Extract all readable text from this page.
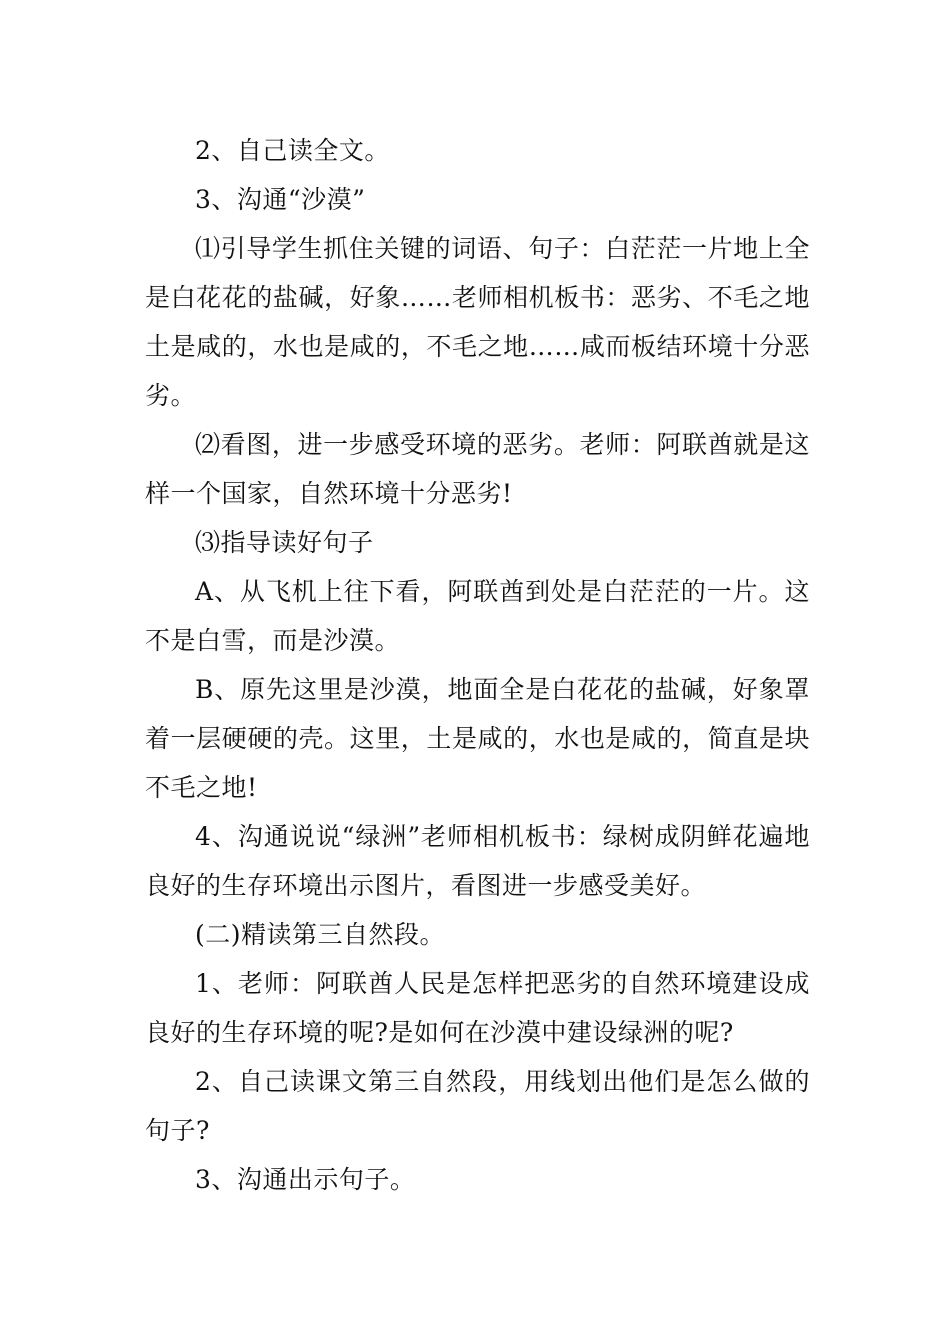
2、自己读全文。

3、沟通“沙漠”

⑴引导学生抓住关键的词语、句子：白茫茫一片地上全是白花花的盐碱，好象……老师相机板书：恶劣、不毛之地土是咸的，水也是咸的，不毛之地……咸而板结环境十分恶劣。

⑵看图，进一步感受环境的恶劣。老师：阿联酋就是这样一个国家，自然环境十分恶劣!

⑶指导读好句子

A、从飞机上往下看，阿联酋到处是白茫茫的一片。这不是白雪，而是沙漠。

B、原先这里是沙漠，地面全是白花花的盐碱，好象罩着一层硬硬的壳。这里，土是咸的，水也是咸的，简直是块不毛之地!

4、沟通说说“绿洲”老师相机板书：绿树成阴鲜花遍地良好的生存环境出示图片，看图进一步感受美好。

(二)精读第三自然段。

1、老师：阿联酋人民是怎样把恶劣的自然环境建设成良好的生存环境的呢?是如何在沙漠中建设绿洲的呢?

2、自己读课文第三自然段，用线划出他们是怎么做的句子?

3、沟通出示句子。
